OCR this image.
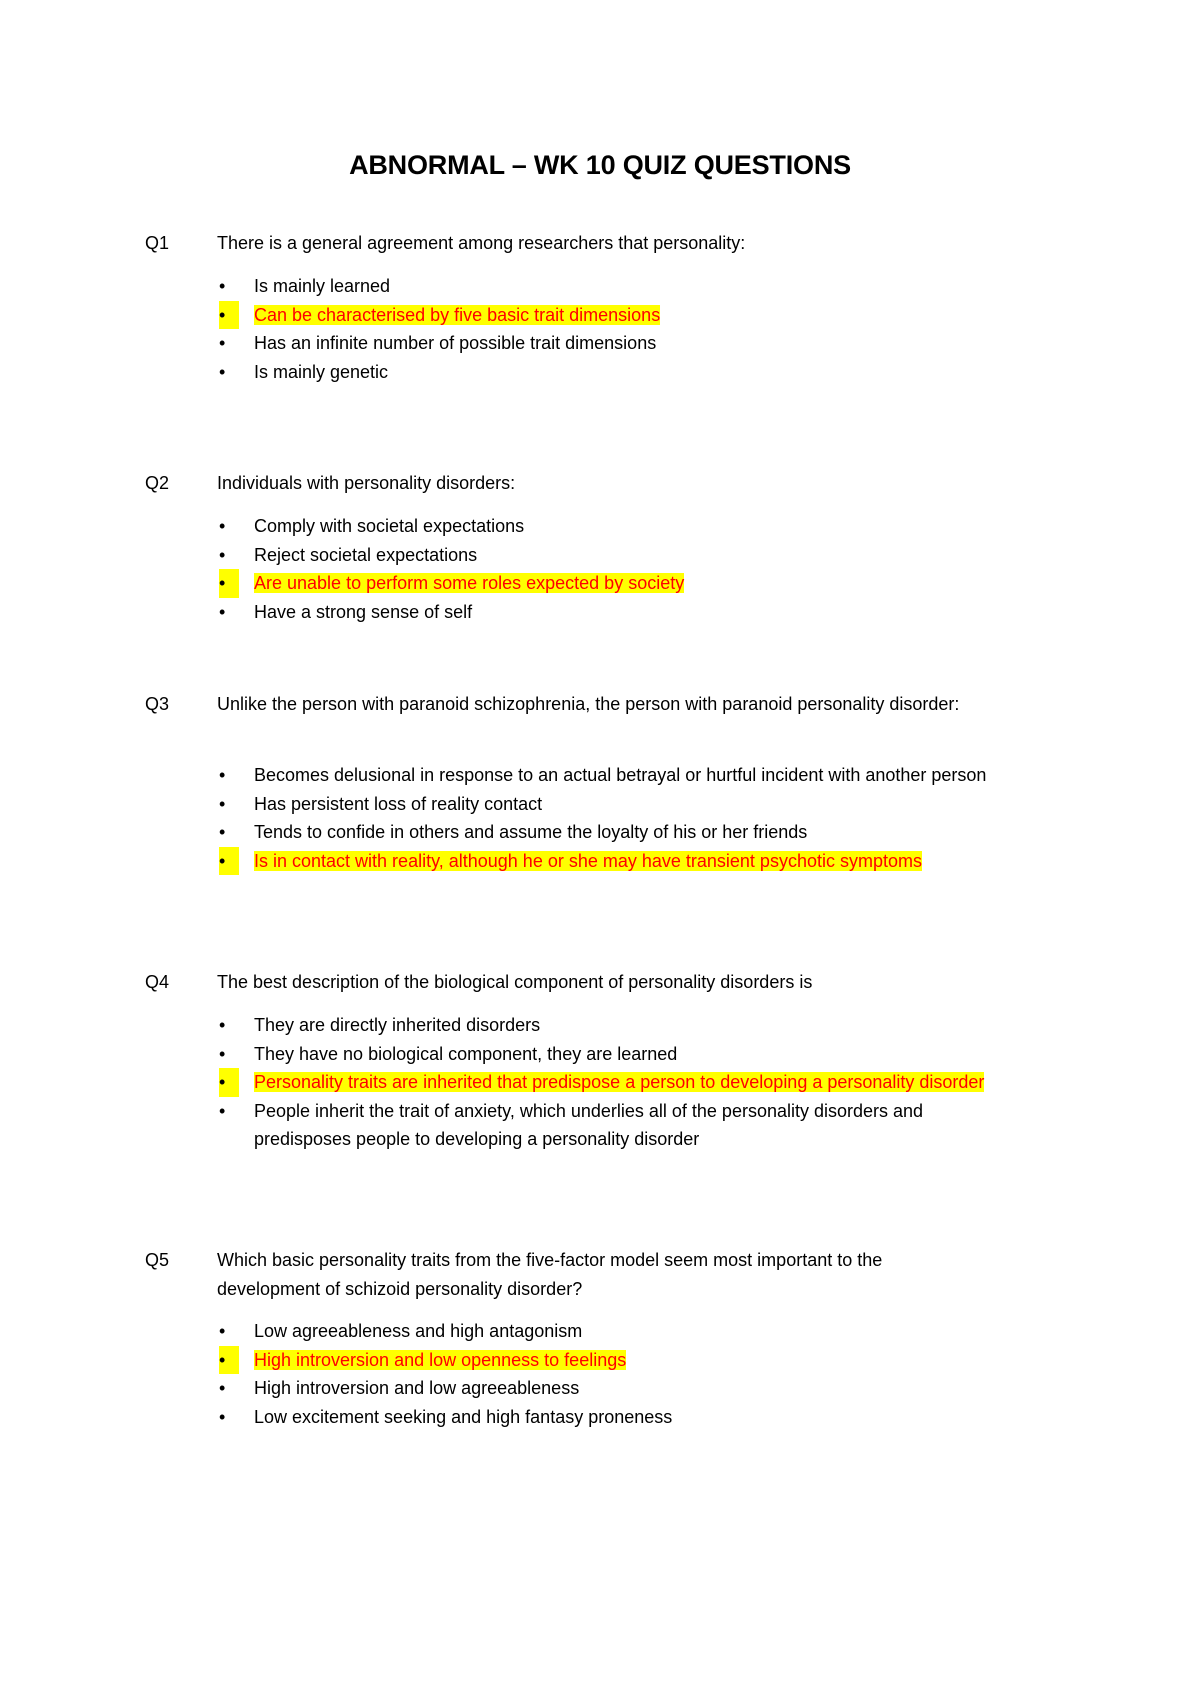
ABNORMAL – WK 10 QUIZ QUESTIONS
Q1	There is a general agreement among researchers that personality:
•	Is mainly learned
•	Can be characterised by five basic trait dimensions
•	Has an infinite number of possible trait dimensions
•	Is mainly genetic
Q2	Individuals with personality disorders:
•	Comply with societal expectations
•	Reject societal expectations
•	Are unable to perform some roles expected by society
•	Have a strong sense of self
Q3	Unlike the person with paranoid schizophrenia, the person with paranoid personality disorder:
•	Becomes delusional in response to an actual betrayal or hurtful incident with another person
•	Has persistent loss of reality contact
•	Tends to confide in others and assume the loyalty of his or her friends
•	Is in contact with reality, although he or she may have transient psychotic symptoms
Q4	The best description of the biological component of personality disorders is
•	They are directly inherited disorders
•	They have no biological component, they are learned
•	Personality traits are inherited that predispose a person to developing a personality disorder
•	People inherit the trait of anxiety, which underlies all of the personality disorders and predisposes people to developing a personality disorder
Q5	Which basic personality traits from the five-factor model seem most important to the development of schizoid personality disorder?
•	Low agreeableness and high antagonism
•	High introversion and low openness to feelings
•	High introversion and low agreeableness
•	Low excitement seeking and high fantasy proneness
